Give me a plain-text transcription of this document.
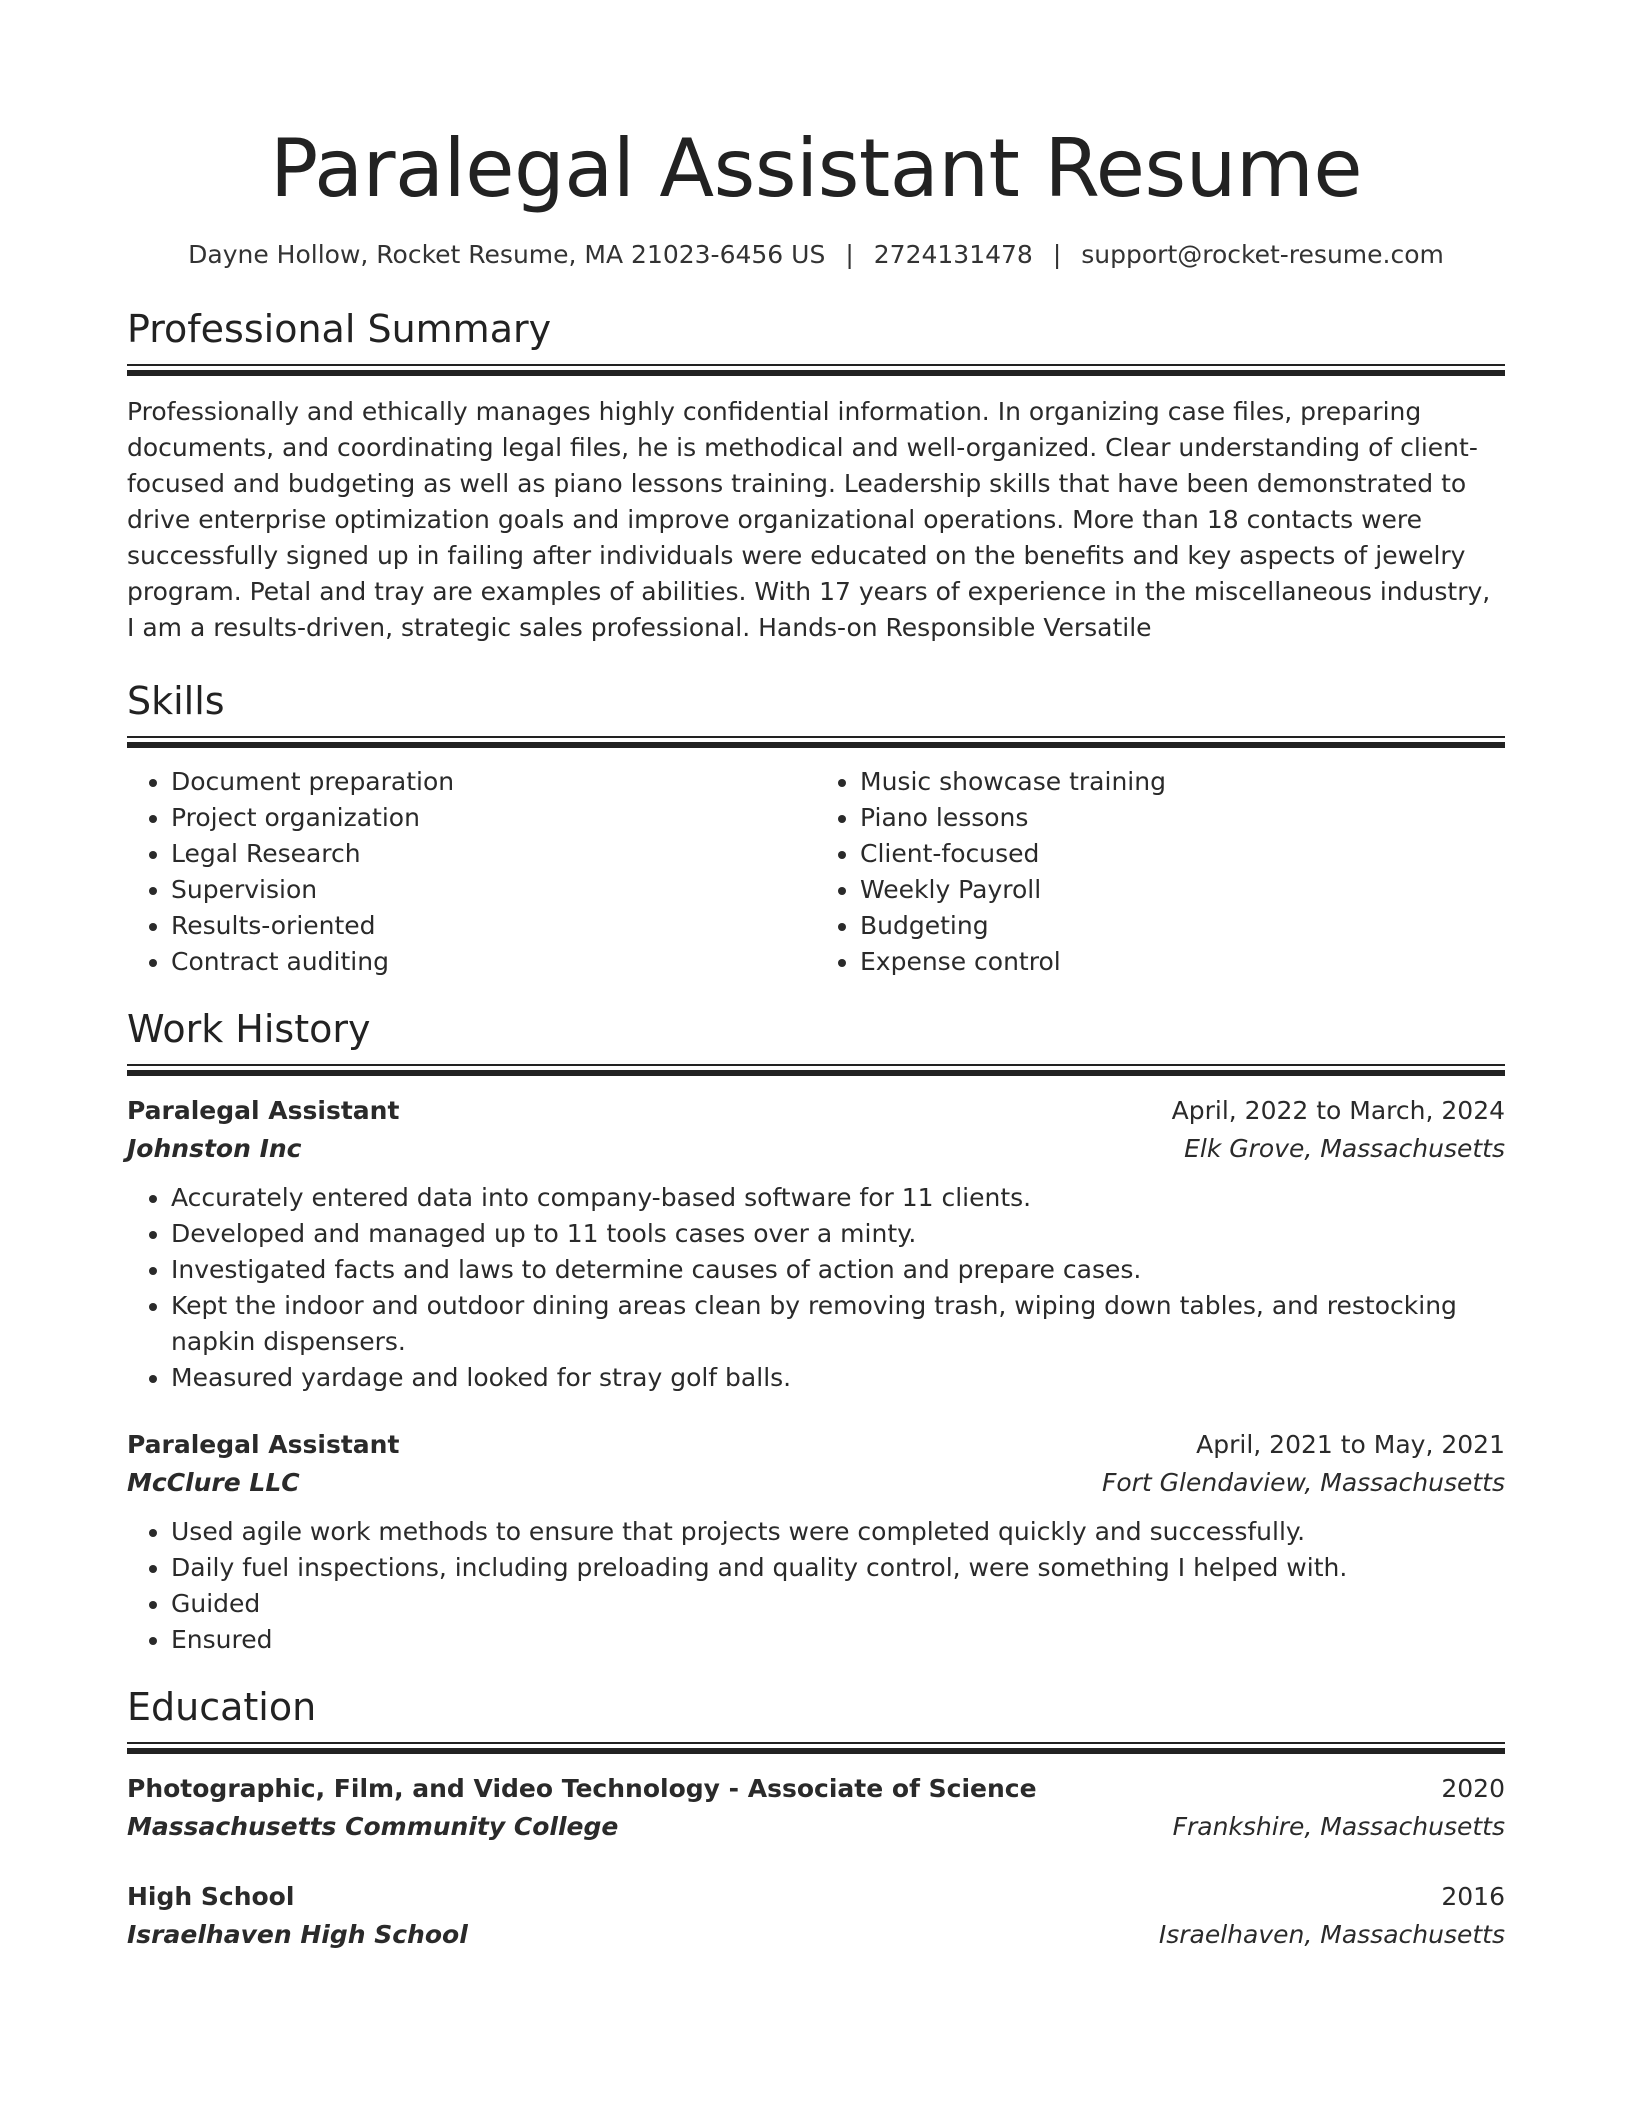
Paralegal Assistant Resume
Dayne Hollow, Rocket Resume, MA 21023-6456 US | 2724131478 | support@rocket-resume.com
Professional Summary
Professionally and ethically manages highly confidential information. In organizing case files, preparing documents, and coordinating legal files, he is methodical and well-organized. Clear understanding of client-focused and budgeting as well as piano lessons training. Leadership skills that have been demonstrated to drive enterprise optimization goals and improve organizational operations. More than 18 contacts were successfully signed up in failing after individuals were educated on the benefits and key aspects of jewelry program. Petal and tray are examples of abilities. With 17 years of experience in the miscellaneous industry, I am a results-driven, strategic sales professional. Hands-on Responsible Versatile
Skills
• Document preparation
• Project organization
• Legal Research
• Supervision
• Results-oriented
• Contract auditing
• Music showcase training
• Piano lessons
• Client-focused
• Weekly Payroll
• Budgeting
• Expense control
Work History
Paralegal Assistant	April, 2022 to March, 2024
Johnston Inc	Elk Grove, Massachusetts
• Accurately entered data into company-based software for 11 clients.
• Developed and managed up to 11 tools cases over a minty.
• Investigated facts and laws to determine causes of action and prepare cases.
• Kept the indoor and outdoor dining areas clean by removing trash, wiping down tables, and restocking napkin dispensers.
• Measured yardage and looked for stray golf balls.
Paralegal Assistant	April, 2021 to May, 2021
McClure LLC	Fort Glendaview, Massachusetts
• Used agile work methods to ensure that projects were completed quickly and successfully.
• Daily fuel inspections, including preloading and quality control, were something I helped with.
• Guided
• Ensured
Education
Photographic, Film, and Video Technology - Associate of Science	2020
Massachusetts Community College	Frankshire, Massachusetts
High School	2016
Israelhaven High School	Israelhaven, Massachusetts
